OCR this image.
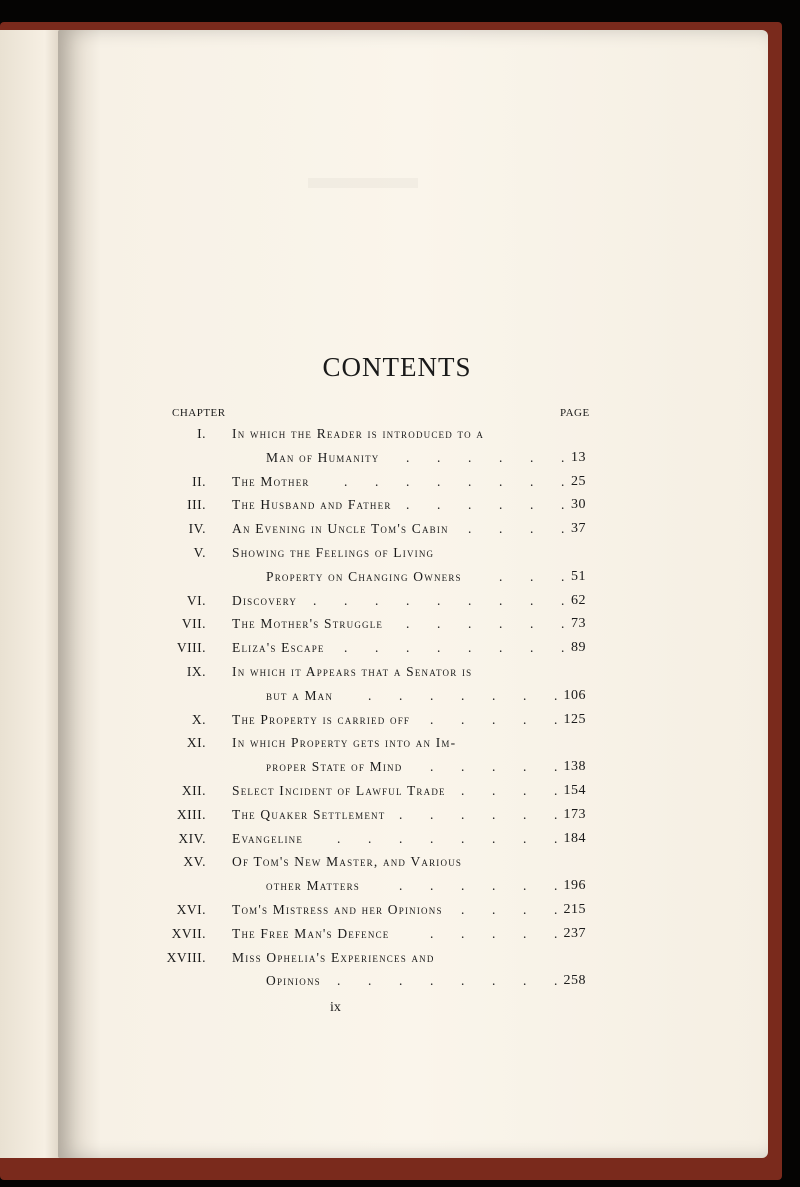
CONTENTS
CHAPTER	PAGE
I. In which the Reader is introduced to a
Man of Humanity	13
. . . . . .
II. The Mother	25
. . . . . . . .
III. The Husband and Father	30
. . . . . .
IV. An Evening in Uncle Tom's Cabin	37
. . . .
V. Showing the Feelings of Living
Property on Changing Owners	51
. . .
VI. Discovery	62
. . . . . . . . .
VII. The Mother's Struggle	73
. . . . . .
VIII. Eliza's Escape	89
. . . . . . . .
IX. In which it Appears that a Senator is
but a Man	106
. . . . . . .
X. The Property is carried off	125
. . . . .
XI. In which Property gets into an Im-
proper State of Mind	138
. . . . .
XII. Select Incident of Lawful Trade	154
. . . .
XIII. The Quaker Settlement	173
. . . . . .
XIV. Evangeline	184
. . . . . . . .
XV. Of Tom's New Master, and Various
other Matters	196
. . . . . .
XVI. Tom's Mistress and her Opinions	215
. . . .
XVII. The Free Man's Defence	237
. . . . .
XVIII. Miss Ophelia's Experiences and
Opinions	258
. . . . . . . .
ix
